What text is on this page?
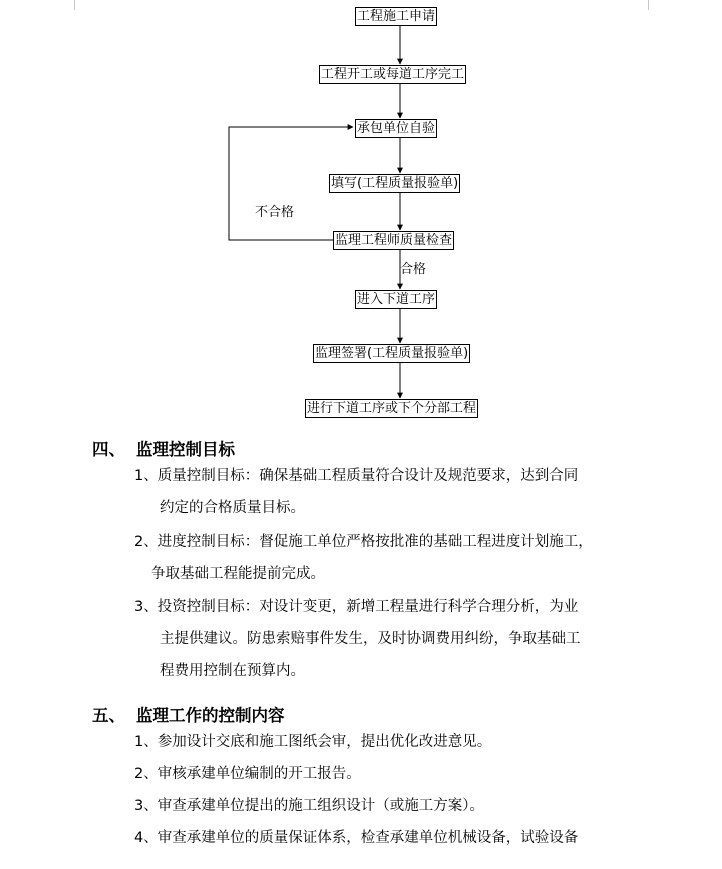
工程施工申请
工程开工或每道工序完工
承包单位自验
填写(工程质量报验单)
监理工程师质量检查
进入下道工序
监理签署(工程质量报验单)
进行下道工序或下个分部工程
不合格
合格
四、 监理控制目标
1、质量控制目标：确保基础工程质量符合设计及规范要求，达到合同
约定的合格质量目标。
2、进度控制目标：督促施工单位严格按批准的基础工程进度计划施工，
争取基础工程能提前完成。
3、投资控制目标：对设计变更，新增工程量进行科学合理分析，为业
主提供建议。防患索赔事件发生，及时协调费用纠纷，争取基础工
程费用控制在预算内。
五、 监理工作的控制内容
1、参加设计交底和施工图纸会审，提出优化改进意见。
2、审核承建单位编制的开工报告。
3、审查承建单位提出的施工组织设计（或施工方案）。
4、审查承建单位的质量保证体系，检查承建单位机械设备，试验设备
